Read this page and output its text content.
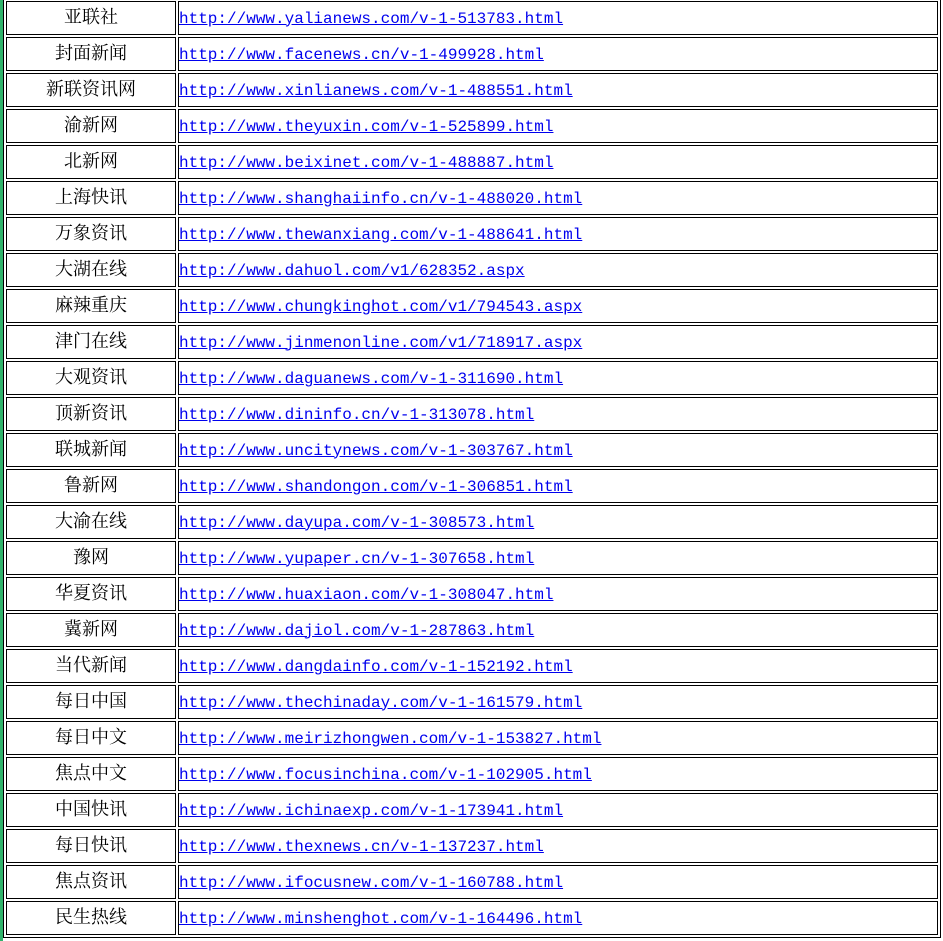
亚联社	http://www.yalianews.com/v-1-513783.html
封面新闻	http://www.facenews.cn/v-1-499928.html
新联资讯网	http://www.xinlianews.com/v-1-488551.html
渝新网	http://www.theyuxin.com/v-1-525899.html
北新网	http://www.beixinet.com/v-1-488887.html
上海快讯	http://www.shanghaiinfo.cn/v-1-488020.html
万象资讯	http://www.thewanxiang.com/v-1-488641.html
大湖在线	http://www.dahuol.com/v1/628352.aspx
麻辣重庆	http://www.chungkinghot.com/v1/794543.aspx
津门在线	http://www.jinmenonline.com/v1/718917.aspx
大观资讯	http://www.daguanews.com/v-1-311690.html
顶新资讯	http://www.dininfo.cn/v-1-313078.html
联城新闻	http://www.uncitynews.com/v-1-303767.html
鲁新网	http://www.shandongon.com/v-1-306851.html
大渝在线	http://www.dayupa.com/v-1-308573.html
豫网	http://www.yupaper.cn/v-1-307658.html
华夏资讯	http://www.huaxiaon.com/v-1-308047.html
冀新网	http://www.dajiol.com/v-1-287863.html
当代新闻	http://www.dangdainfo.com/v-1-152192.html
每日中国	http://www.thechinaday.com/v-1-161579.html
每日中文	http://www.meirizhongwen.com/v-1-153827.html
焦点中文	http://www.focusinchina.com/v-1-102905.html
中国快讯	http://www.ichinaexp.com/v-1-173941.html
每日快讯	http://www.thexnews.cn/v-1-137237.html
焦点资讯	http://www.ifocusnew.com/v-1-160788.html
民生热线	http://www.minshenghot.com/v-1-164496.html
